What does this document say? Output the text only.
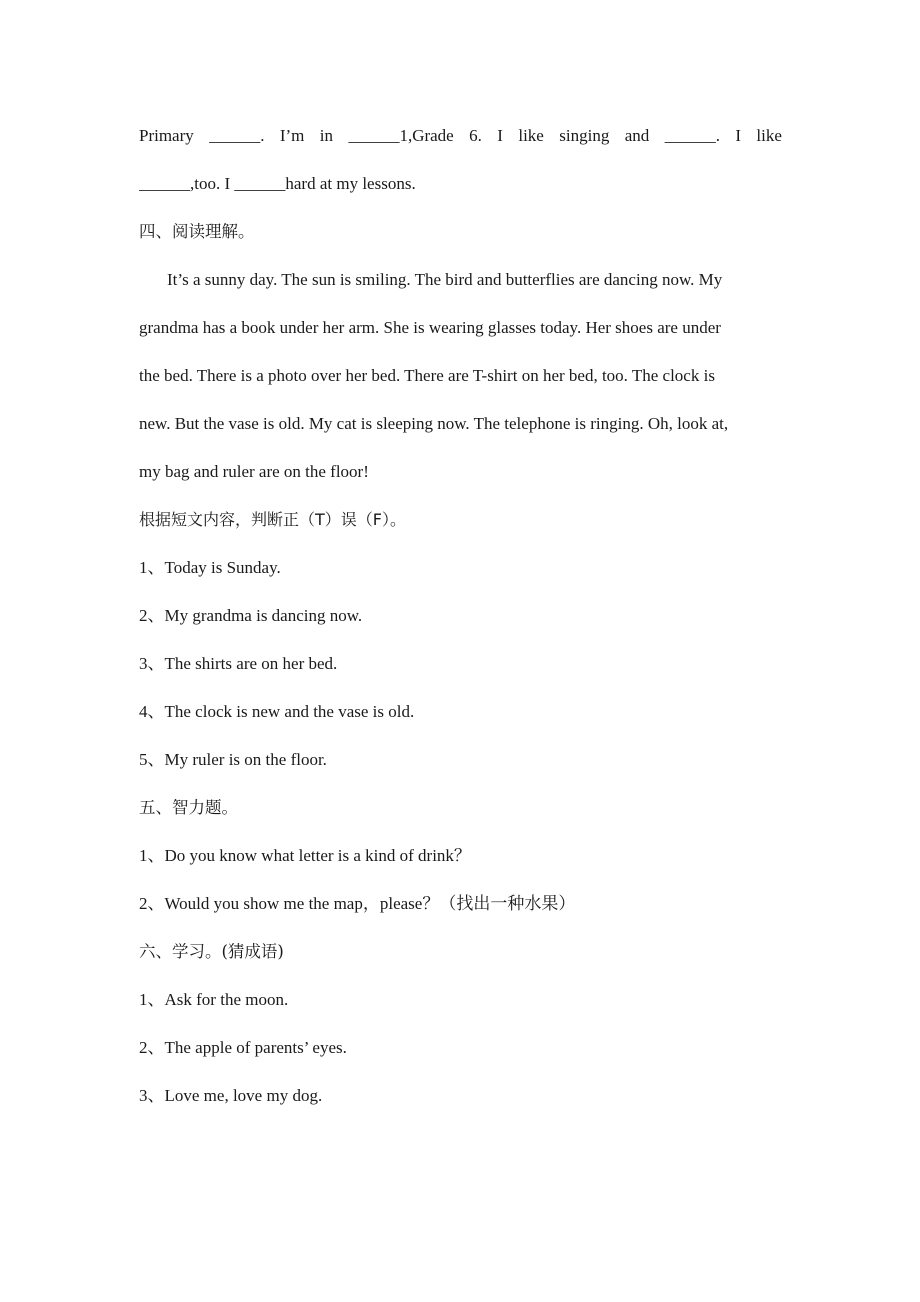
Primary ______. I’m in ______1,Grade 6. I like singing and ______. I like
______,too. I ______hard at my lessons.
四、阅读理解。
It’s a sunny day. The sun is smiling. The bird and butterflies are dancing now. My
grandma has a book under her arm. She is wearing glasses today. Her shoes are under
the bed. There is a photo over her bed. There are T-shirt on her bed, too. The clock is
new. But the vase is old. My cat is sleeping now. The telephone is ringing. Oh, look at,
my bag and ruler are on the floor!
根据短文内容，判断正（T）误（F）。
1、Today is Sunday.
2、My grandma is dancing now.
3、The shirts are on her bed.
4、The clock is new and the vase is old.
5、My ruler is on the floor.
五、智力题。
1、Do you know what letter is a kind of drink？
2、Would you show me the map，please？（找出一种水果）
六、学习。(猜成语)
1、Ask for the moon.
2、The apple of parents’ eyes.
3、Love me, love my dog.
